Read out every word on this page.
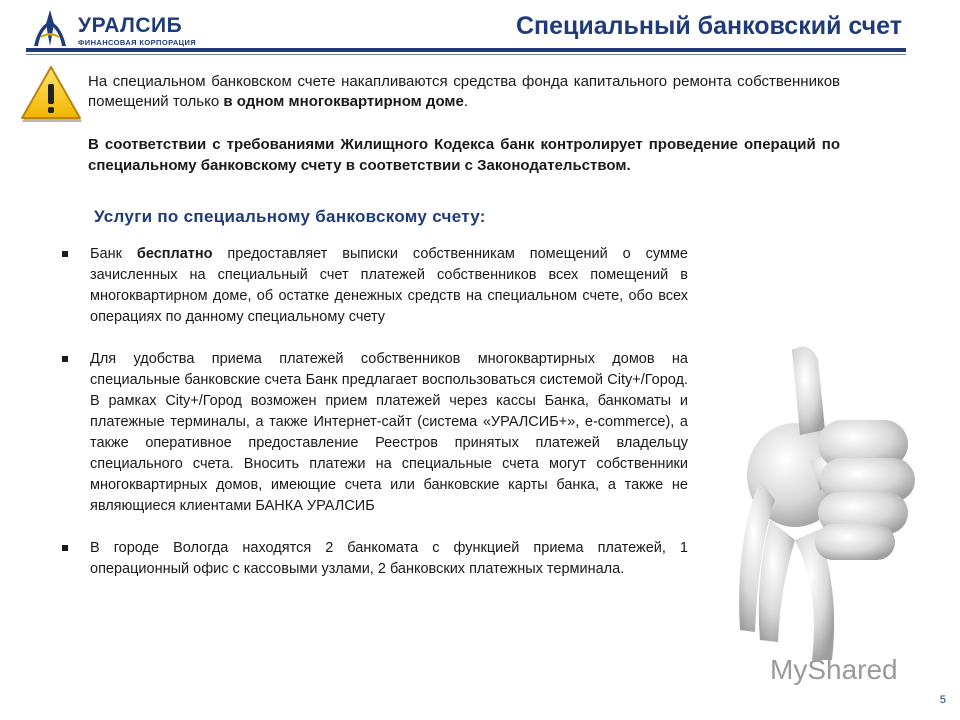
УРАЛСИБ
ФИНАНСОВАЯ КОРПОРАЦИЯ
Специальный банковский счет
На специальном банковском счете накапливаются средства фонда капитального ремонта собственников помещений только в одном многоквартирном доме.
В соответствии с требованиями Жилищного Кодекса банк контролирует проведение операций по специальному банковскому счету в соответствии с Законодательством.
Услуги по специальному банковскому счету:
Банк бесплатно предоставляет выписки собственникам помещений о сумме зачисленных на специальный счет платежей собственников всех помещений в многоквартирном доме, об остатке денежных средств на специальном счете, обо всех операциях по данному специальному счету
Для удобства приема платежей собственников многоквартирных домов на специальные банковские счета Банк предлагает воспользоваться системой City+/Город. В рамках City+/Город возможен прием платежей через кассы Банка, банкоматы и платежные терминалы, а также Интернет-сайт (система «УРАЛСИБ+», e-commerce), а также оперативное предоставление Реестров принятых платежей владельцу специального счета. Вносить платежи на специальные счета могут собственники многоквартирных домов, имеющие счета или банковские карты банка, а также не являющиеся клиентами БАНКА УРАЛСИБ
В городе Вологда находятся 2 банкомата с функцией приема платежей, 1 операционный офис с кассовыми узлами, 2 банковских платежных терминала.
MyShared
5
